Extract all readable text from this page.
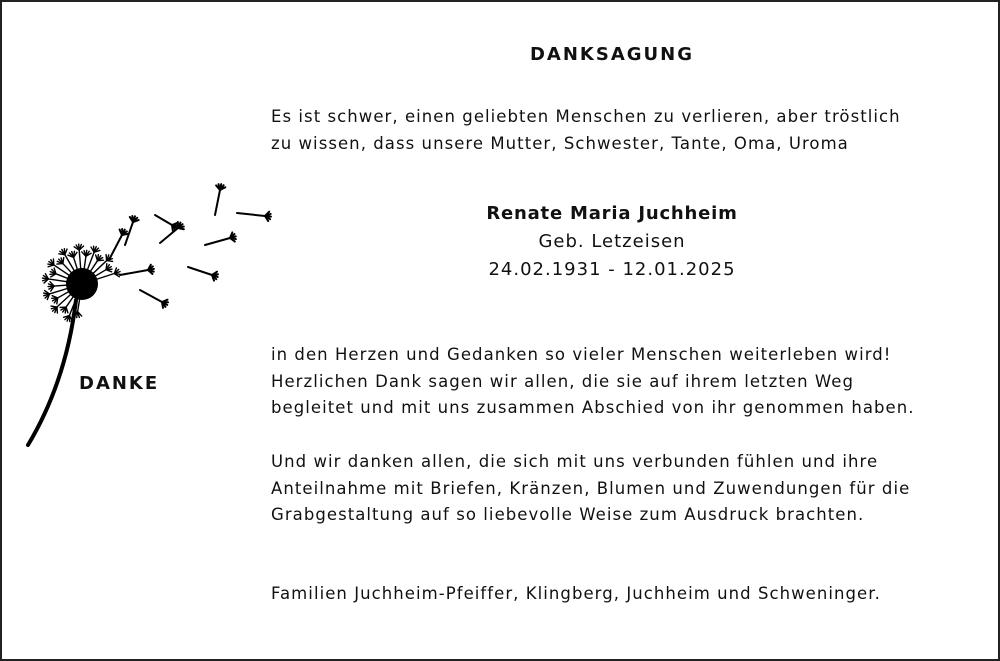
DANKSAGUNG
Es ist schwer, einen geliebten Menschen zu verlieren, aber tröstlich
zu wissen, dass unsere Mutter, Schwester, Tante, Oma, Uroma
Renate Maria Juchheim
Geb. Letzeisen
24.02.1931 - 12.01.2025
in den Herzen und Gedanken so vieler Menschen weiterleben wird!
Herzlichen Dank sagen wir allen, die sie auf ihrem letzten Weg
begleitet und mit uns zusammen Abschied von ihr genommen haben.
Und wir danken allen, die sich mit uns verbunden fühlen und ihre
Anteilnahme mit Briefen, Kränzen, Blumen und Zuwendungen für die
Grabgestaltung auf so liebevolle Weise zum Ausdruck brachten.
Familien Juchheim-Pfeiffer, Klingberg, Juchheim und Schweninger.
DANKE
